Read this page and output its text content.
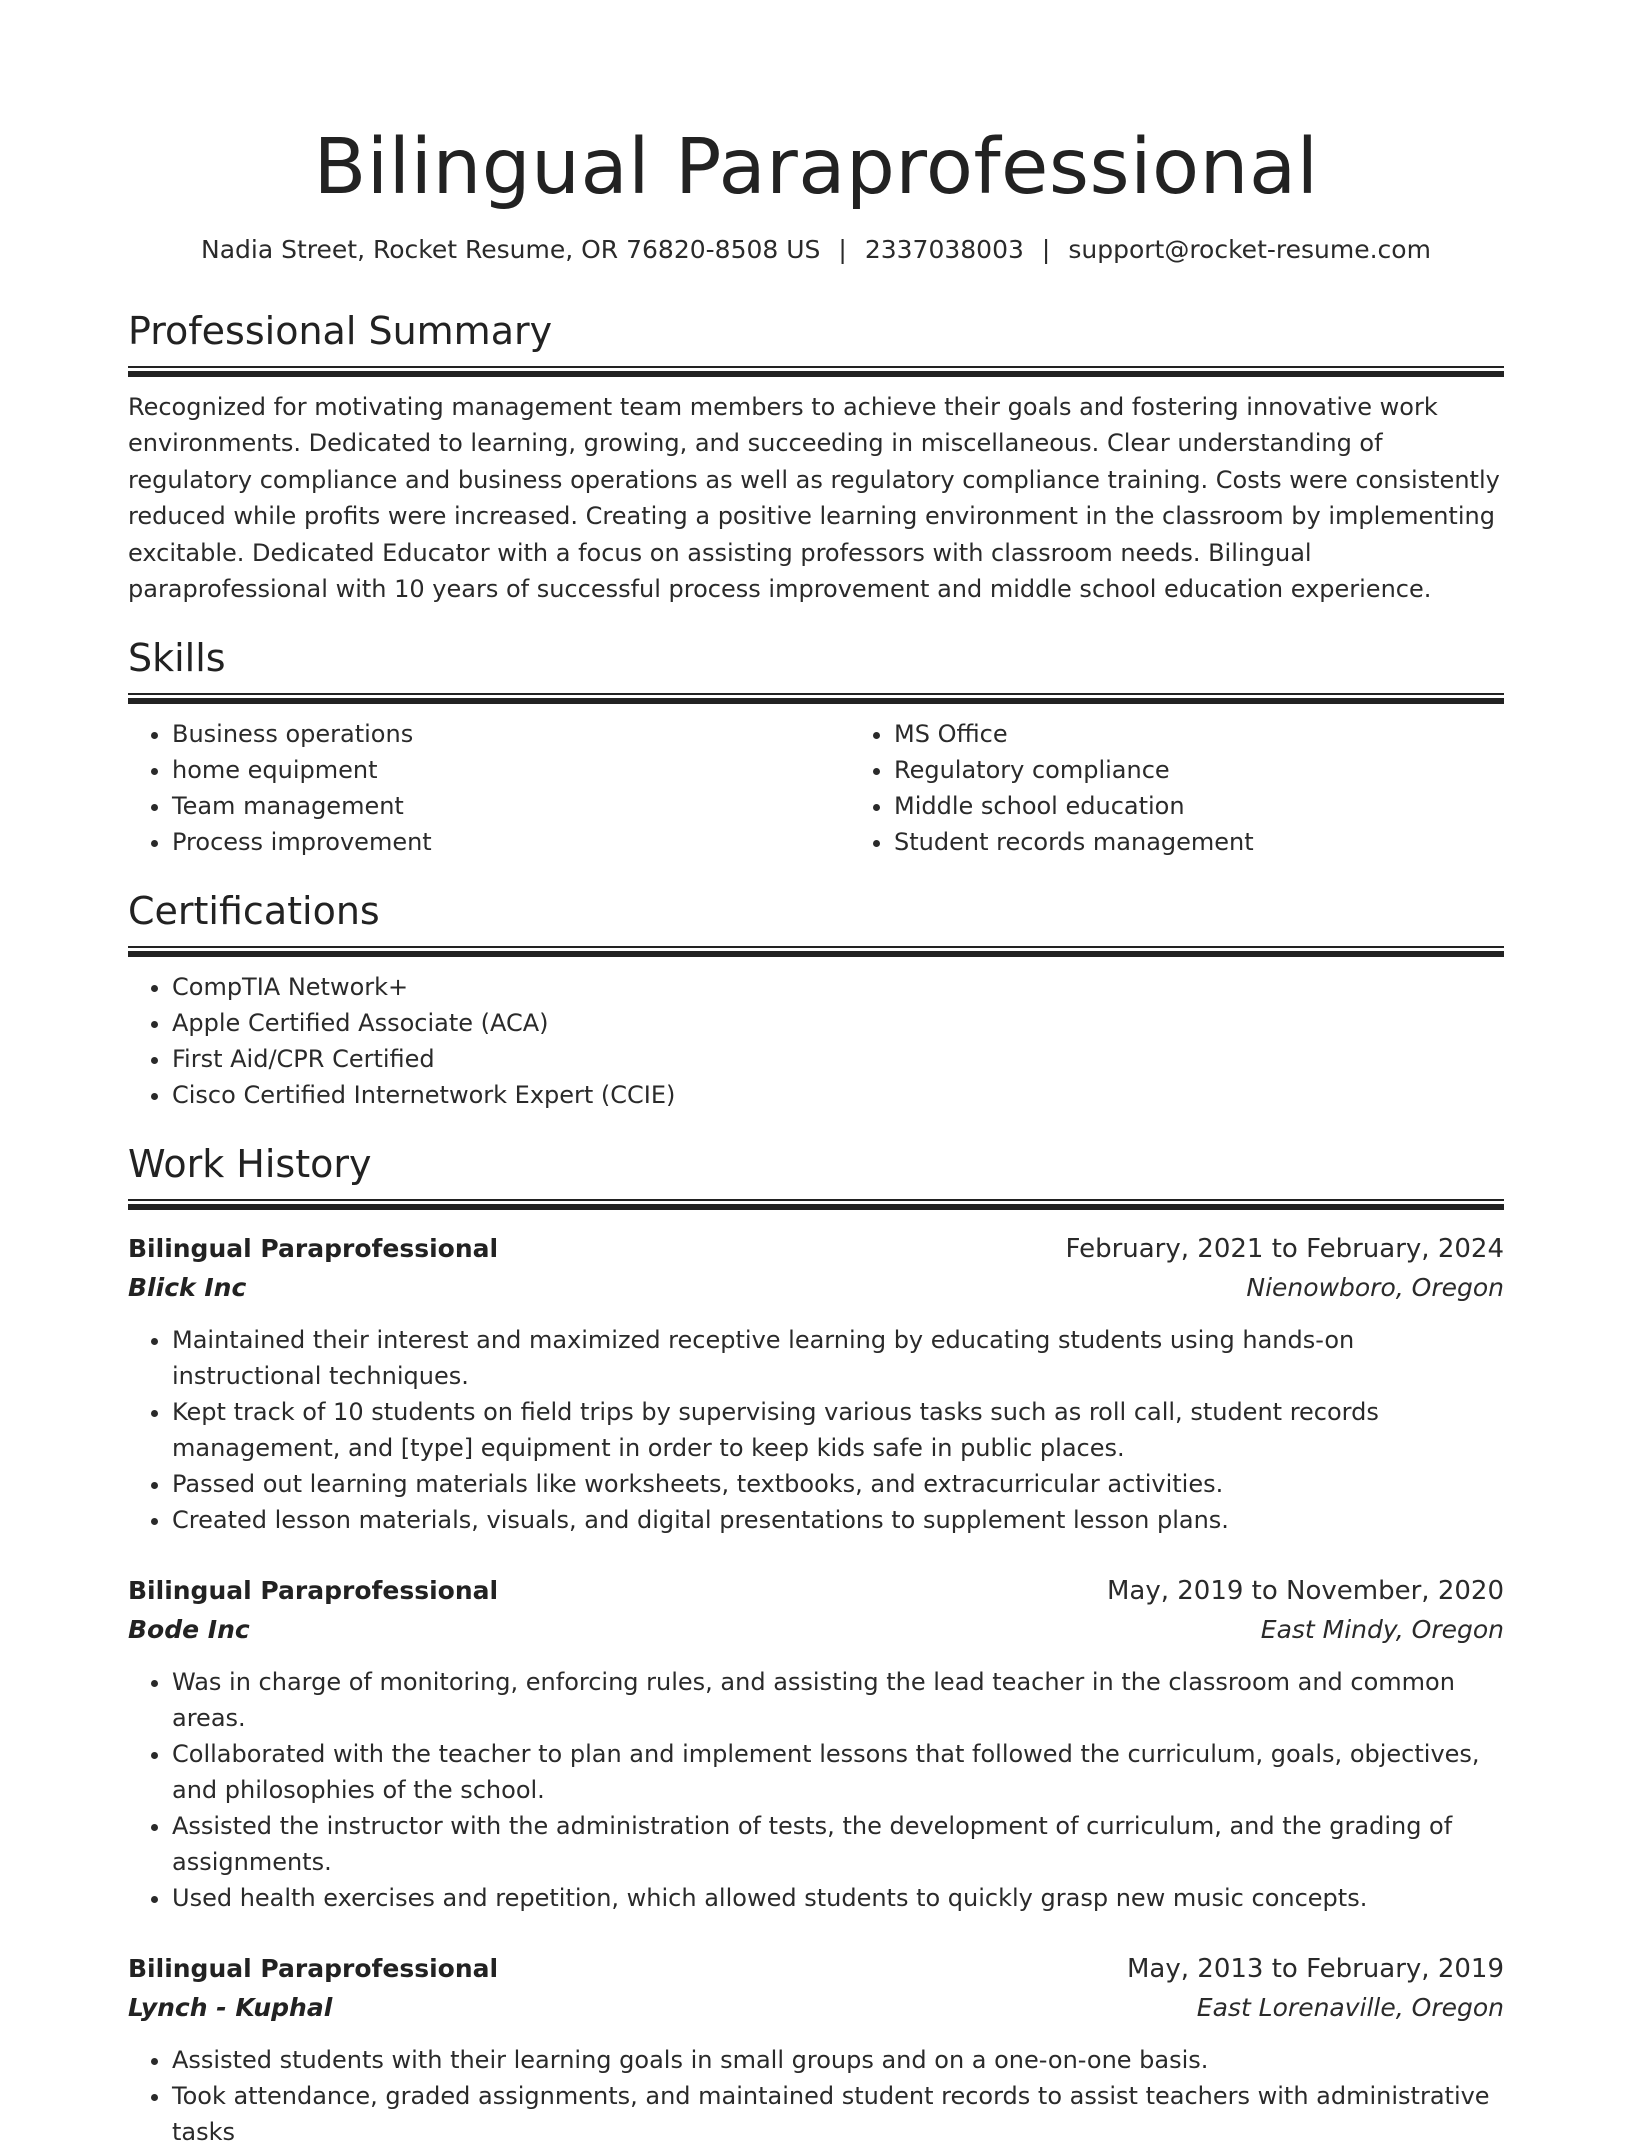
Bilingual Paraprofessional
Nadia Street, Rocket Resume, OR 76820-8508 US | 2337038003 | support@rocket-resume.com
Professional Summary
Recognized for motivating management team members to achieve their goals and fostering innovative work environments. Dedicated to learning, growing, and succeeding in miscellaneous. Clear understanding of regulatory compliance and business operations as well as regulatory compliance training. Costs were consistently reduced while profits were increased. Creating a positive learning environment in the classroom by implementing excitable. Dedicated Educator with a focus on assisting professors with classroom needs. Bilingual paraprofessional with 10 years of successful process improvement and middle school education experience.
Skills
• Business operations
• home equipment
• Team management
• Process improvement
• MS Office
• Regulatory compliance
• Middle school education
• Student records management
Certifications
• CompTIA Network+
• Apple Certified Associate (ACA)
• First Aid/CPR Certified
• Cisco Certified Internetwork Expert (CCIE)
Work History
Bilingual Paraprofessional	February, 2021 to February, 2024
Blick Inc	Nienowboro, Oregon
• Maintained their interest and maximized receptive learning by educating students using hands-on instructional techniques.
• Kept track of 10 students on field trips by supervising various tasks such as roll call, student records management, and [type] equipment in order to keep kids safe in public places.
• Passed out learning materials like worksheets, textbooks, and extracurricular activities.
• Created lesson materials, visuals, and digital presentations to supplement lesson plans.
Bilingual Paraprofessional	May, 2019 to November, 2020
Bode Inc	East Mindy, Oregon
• Was in charge of monitoring, enforcing rules, and assisting the lead teacher in the classroom and common areas.
• Collaborated with the teacher to plan and implement lessons that followed the curriculum, goals, objectives, and philosophies of the school.
• Assisted the instructor with the administration of tests, the development of curriculum, and the grading of assignments.
• Used health exercises and repetition, which allowed students to quickly grasp new music concepts.
Bilingual Paraprofessional	May, 2013 to February, 2019
Lynch - Kuphal	East Lorenaville, Oregon
• Assisted students with their learning goals in small groups and on a one-on-one basis.
• Took attendance, graded assignments, and maintained student records to assist teachers with administrative tasks
